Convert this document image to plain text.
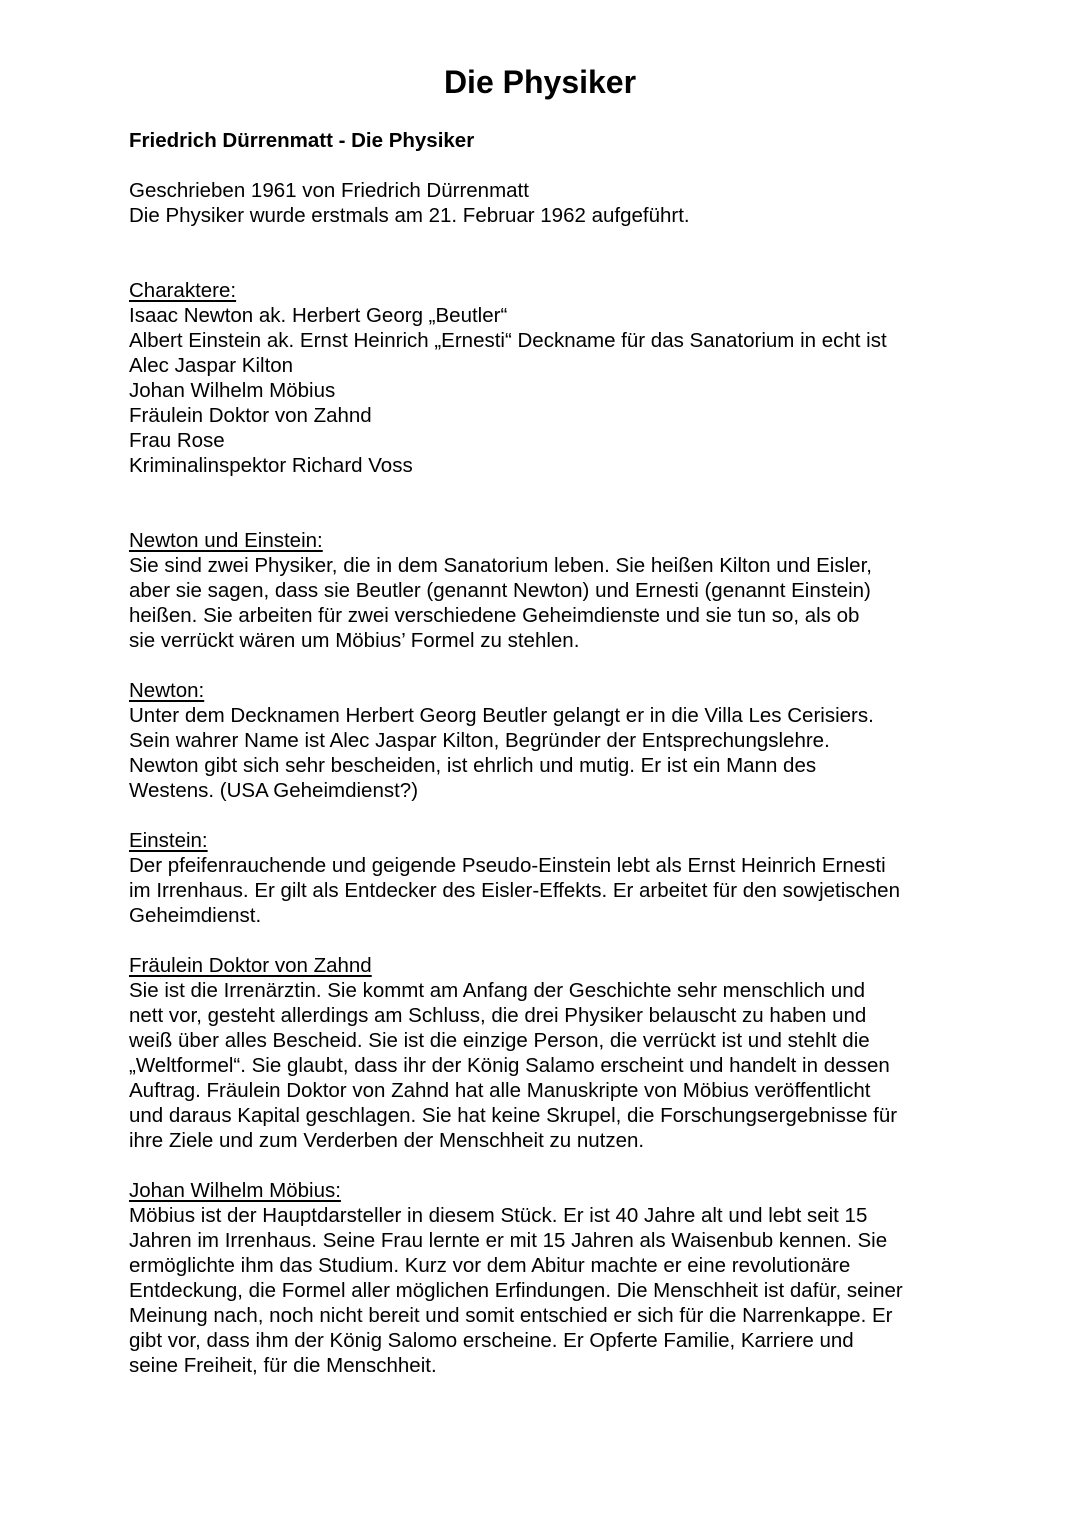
Die Physiker

Friedrich Dürrenmatt - Die Physiker

Geschrieben 1961 von Friedrich Dürrenmatt
Die Physiker wurde erstmals am 21. Februar 1962 aufgeführt.
Charaktere:
Isaac Newton ak. Herbert Georg „Beutler“
Albert Einstein ak. Ernst Heinrich „Ernesti“ Deckname für das Sanatorium in echt ist
Alec Jaspar Kilton
Johan Wilhelm Möbius
Fräulein Doktor von Zahnd
Frau Rose
Kriminalinspektor Richard Voss
Newton und Einstein:
Sie sind zwei Physiker, die in dem Sanatorium leben. Sie heißen Kilton und Eisler,
aber sie sagen, dass sie Beutler (genannt Newton) und Ernesti (genannt Einstein)
heißen. Sie arbeiten für zwei verschiedene Geheimdienste und sie tun so, als ob
sie verrückt wären um Möbius’ Formel zu stehlen.
Newton:
Unter dem Decknamen Herbert Georg Beutler gelangt er in die Villa Les Cerisiers.
Sein wahrer Name ist Alec Jaspar Kilton, Begründer der Entsprechungslehre.
Newton gibt sich sehr bescheiden, ist ehrlich und mutig. Er ist ein Mann des
Westens. (USA Geheimdienst?)
Einstein:
Der pfeifenrauchende und geigende Pseudo-Einstein lebt als Ernst Heinrich Ernesti
im Irrenhaus. Er gilt als Entdecker des Eisler-Effekts. Er arbeitet für den sowjetischen
Geheimdienst.
Fräulein Doktor von Zahnd
Sie ist die Irrenärztin. Sie kommt am Anfang der Geschichte sehr menschlich und
nett vor, gesteht allerdings am Schluss, die drei Physiker belauscht zu haben und
weiß über alles Bescheid. Sie ist die einzige Person, die verrückt ist und stehlt die
„Weltformel“. Sie glaubt, dass ihr der König Salamo erscheint und handelt in dessen
Auftrag. Fräulein Doktor von Zahnd hat alle Manuskripte von Möbius veröffentlicht
und daraus Kapital geschlagen. Sie hat keine Skrupel, die Forschungsergebnisse für
ihre Ziele und zum Verderben der Menschheit zu nutzen.
Johan Wilhelm Möbius:
Möbius ist der Hauptdarsteller in diesem Stück. Er ist 40 Jahre alt und lebt seit 15
Jahren im Irrenhaus. Seine Frau lernte er mit 15 Jahren als Waisenbub kennen. Sie
ermöglichte ihm das Studium. Kurz vor dem Abitur machte er eine revolutionäre
Entdeckung, die Formel aller möglichen Erfindungen. Die Menschheit ist dafür, seiner
Meinung nach, noch nicht bereit und somit entschied er sich für die Narrenkappe. Er
gibt vor, dass ihm der König Salomo erscheine. Er Opferte Familie, Karriere und
seine Freiheit, für die Menschheit.
